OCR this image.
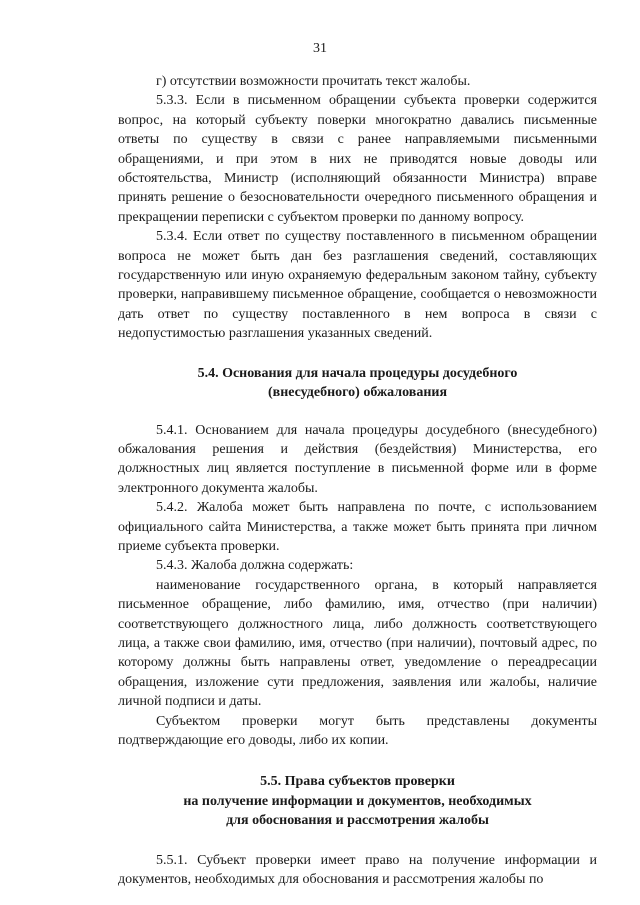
31

г) отсутствии возможности прочитать текст жалобы.

5.3.3. Если в письменном обращении субъекта проверки содержится вопрос, на который субъекту поверки многократно давались письменные ответы по существу в связи с ранее направляемыми письменными обращениями, и при этом в них не приводятся новые доводы или обстоятельства, Министр (исполняющий обязанности Министра) вправе принять решение о безосновательности очередного письменного обращения и прекращении переписки с субъектом проверки по данному вопросу.

5.3.4. Если ответ по существу поставленного в письменном обращении вопроса не может быть дан без разглашения сведений, составляющих государственную или иную охраняемую федеральным законом тайну, субъекту проверки, направившему письменное обращение, сообщается о невозможности дать ответ по существу поставленного в нем вопроса в связи с недопустимостью разглашения указанных сведений.

5.4. Основания для начала процедуры досудебного
(внесудебного) обжалования

5.4.1. Основанием для начала процедуры досудебного (внесудебного) обжалования решения и действия (бездействия) Министерства, его должностных лиц является поступление в письменной форме или в форме электронного документа жалобы.

5.4.2. Жалоба может быть направлена по почте, с использованием официального сайта Министерства, а также может быть принята при личном приеме субъекта проверки.

5.4.3. Жалоба должна содержать:

наименование государственного органа, в который направляется письменное обращение, либо фамилию, имя, отчество (при наличии) соответствующего должностного лица, либо должность соответствующего лица, а также свои фамилию, имя, отчество (при наличии), почтовый адрес, по которому должны быть направлены ответ, уведомление о переадресации обращения, изложение сути предложения, заявления или жалобы, наличие личной подписи и даты.

Субъектом проверки могут быть представлены документы подтверждающие его доводы, либо их копии.

5.5. Права субъектов проверки
на получение информации и документов, необходимых
для обоснования и рассмотрения жалобы

5.5.1. Субъект проверки имеет право на получение информации и документов, необходимых для обоснования и рассмотрения жалобы по
